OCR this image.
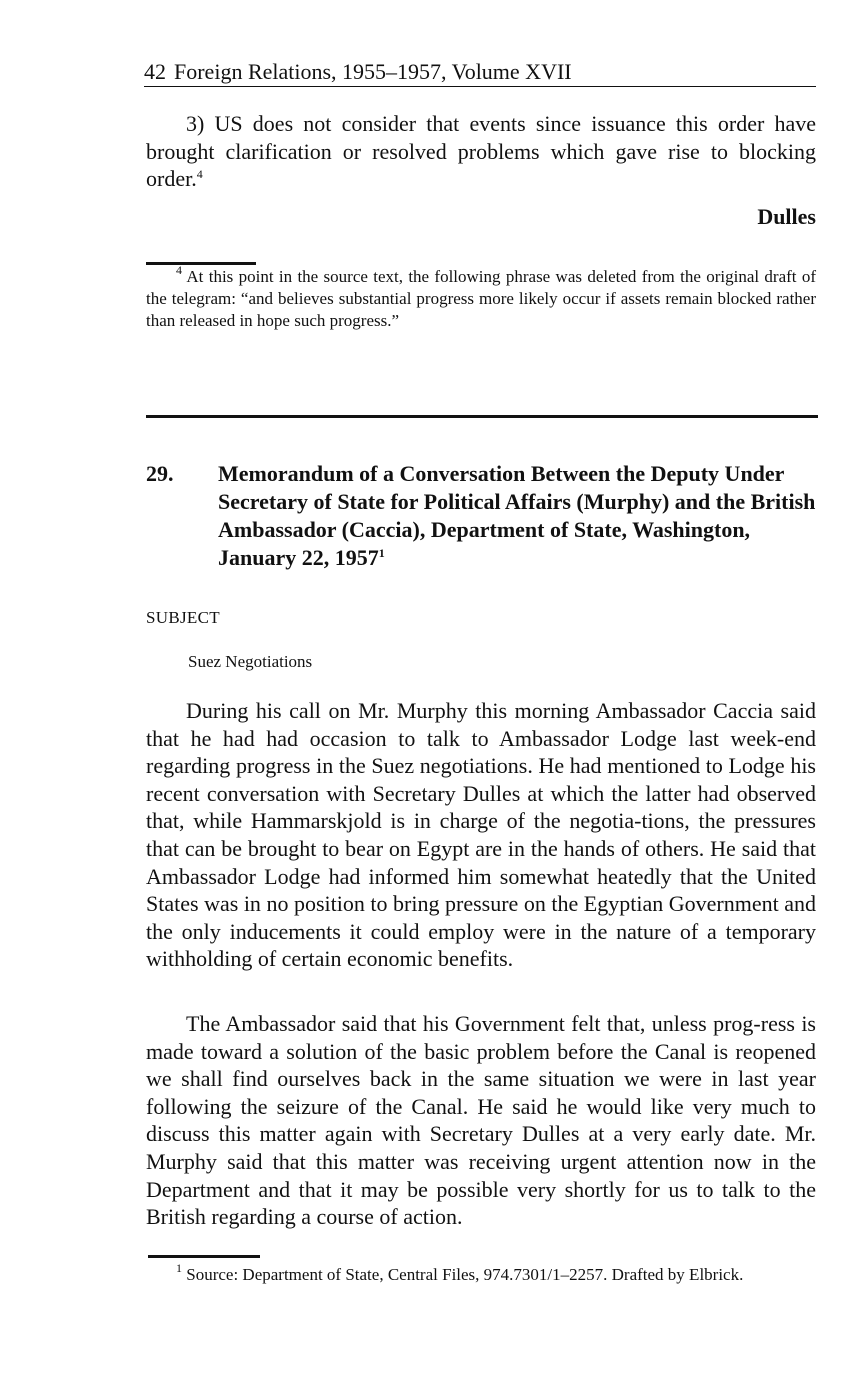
42 Foreign Relations, 1955–1957, Volume XVII

3) US does not consider that events since issuance this order have brought clarification or resolved problems which gave rise to blocking order.$^4$

Dulles

$^4$ At this point in the source text, the following phrase was deleted from the original draft of the telegram: “and believes substantial progress more likely occur if assets remain blocked rather than released in hope such progress.”

29. Memorandum of a Conversation Between the Deputy Under Secretary of State for Political Affairs (Murphy) and the British Ambassador (Caccia), Department of State, Washington, January 22, 1957$^1$

SUBJECT
Suez Negotiations

During his call on Mr. Murphy this morning Ambassador Caccia said that he had had occasion to talk to Ambassador Lodge last week-end regarding progress in the Suez negotiations. He had mentioned to Lodge his recent conversation with Secretary Dulles at which the latter had observed that, while Hammarskjold is in charge of the negotia-tions, the pressures that can be brought to bear on Egypt are in the hands of others. He said that Ambassador Lodge had informed him somewhat heatedly that the United States was in no position to bring pressure on the Egyptian Government and the only inducements it could employ were in the nature of a temporary withholding of certain economic benefits.

The Ambassador said that his Government felt that, unless prog-ress is made toward a solution of the basic problem before the Canal is reopened we shall find ourselves back in the same situation we were in last year following the seizure of the Canal. He said he would like very much to discuss this matter again with Secretary Dulles at a very early date. Mr. Murphy said that this matter was receiving urgent attention now in the Department and that it may be possible very shortly for us to talk to the British regarding a course of action.

$^1$ Source: Department of State, Central Files, 974.7301/1–2257. Drafted by Elbrick.
